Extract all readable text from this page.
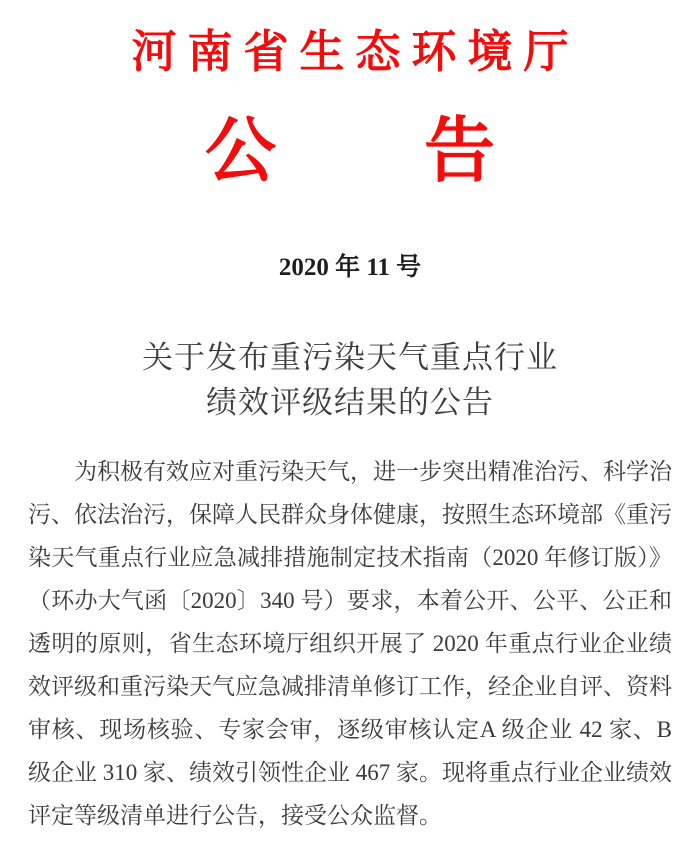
河南省生态环境厅
公 告
2020 年 11 号
关于发布重污染天气重点行业
绩效评级结果的公告

为积极有效应对重污染天气，进一步突出精准治污、科学治污、依法治污，保障人民群众身体健康，按照生态环境部《重污染天气重点行业应急减排措施制定技术指南（2020 年修订版）》（环办大气函〔2020〕340 号）要求，本着公开、公平、公正和透明的原则，省生态环境厅组织开展了 2020 年重点行业企业绩效评级和重污染天气应急减排清单修订工作，经企业自评、资料审核、现场核验、专家会审，逐级审核认定A 级企业 42 家、B 级企业 310 家、绩效引领性企业 467 家。现将重点行业企业绩效评定等级清单进行公告，接受公众监督。
